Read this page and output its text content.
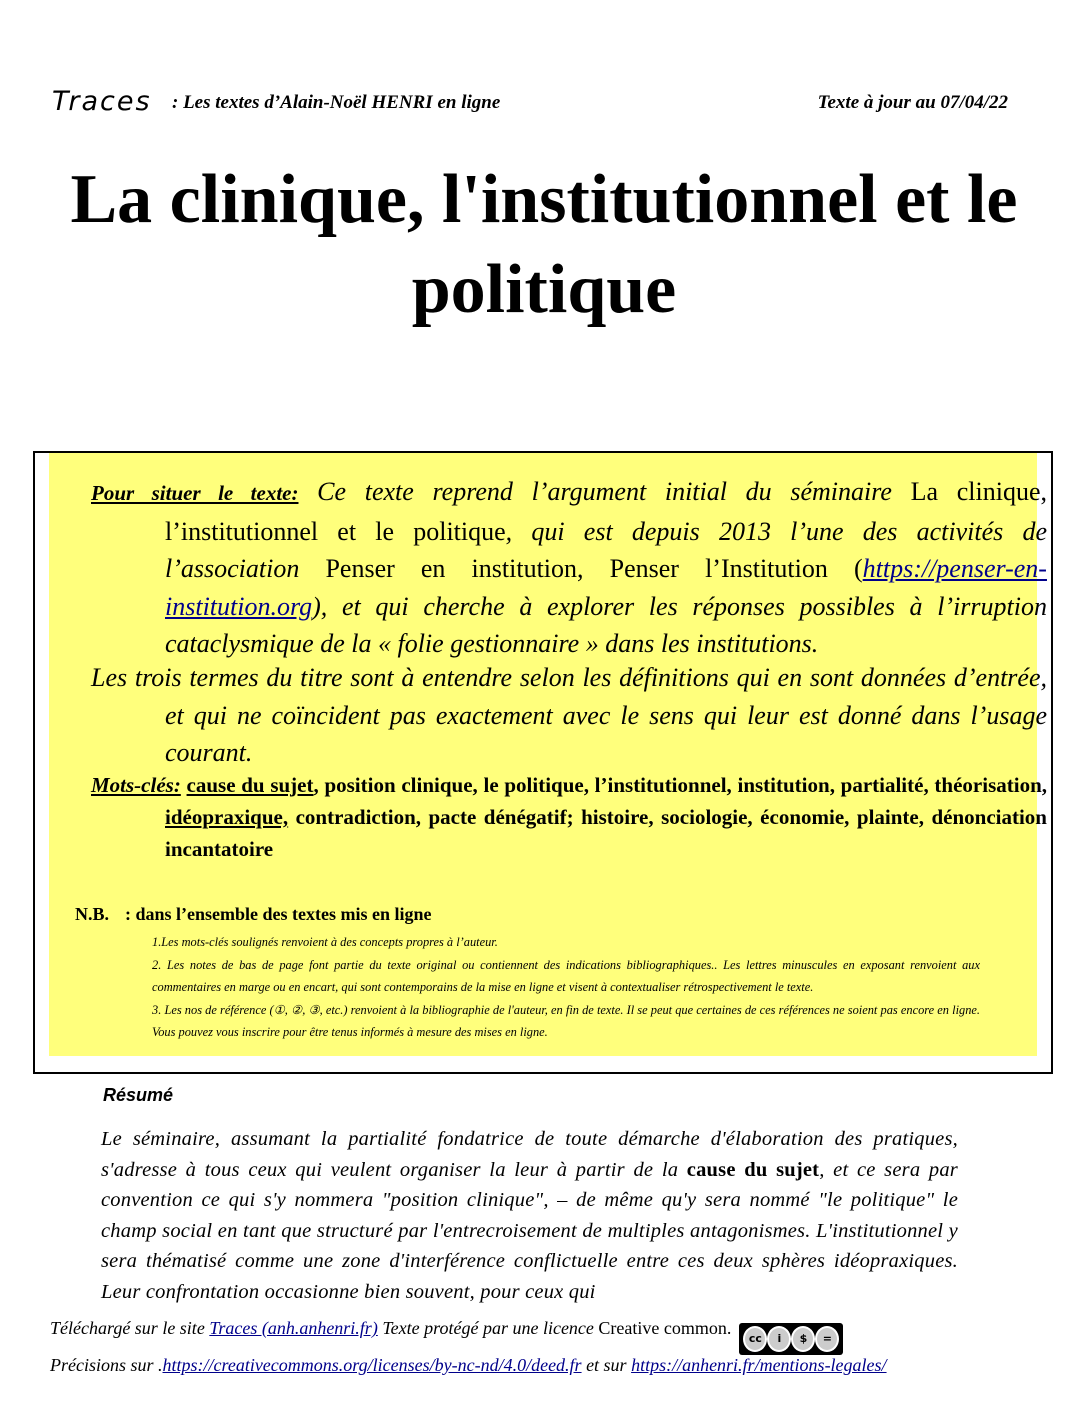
Traces : Les textes d’Alain-Noël HENRI en ligne	Texte à jour au 07/04/22
La clinique, l'institutionnel et le politique
Pour situer le texte: Ce texte reprend l’argument initial du séminaire La clinique, l’institutionnel et le politique, qui est depuis 2013 l’une des activités de l’association Penser en institution, Penser l’Institution (https://penser-en-institution.org), et qui cherche à explorer les réponses possibles à l’irruption cataclysmique de la « folie gestionnaire » dans les institutions.
Les trois termes du titre sont à entendre selon les définitions qui en sont données d’entrée, et qui ne coïncident pas exactement avec le sens qui leur est donné dans l’usage courant.
Mots-clés: cause du sujet, position clinique, le politique, l’institutionnel, institution, partialité, théorisation, idéopraxique, contradiction, pacte dénégatif; histoire, sociologie, économie, plainte, dénonciation incantatoire
N.B. : dans l’ensemble des textes mis en ligne

1.Les mots-clés soulignés renvoient à des concepts propres à l’auteur.

2. Les notes de bas de page font partie du texte original ou contiennent des indications bibliographiques.. Les lettres minuscules en exposant renvoient aux commentaires en marge ou en encart, qui sont contemporains de la mise en ligne et visent à contextualiser rétrospectivement le texte.

3. Les nos de référence (①, ②, ③, etc.) renvoient à la bibliographie de l'auteur, en fin de texte. Il se peut que certaines de ces références ne soient pas encore en ligne. Vous pouvez vous inscrire pour être tenus informés à mesure des mises en ligne.

Résumé
Le séminaire, assumant la partialité fondatrice de toute démarche d'élaboration des pratiques, s'adresse à tous ceux qui veulent organiser la leur à partir de la cause du sujet, et ce sera par convention ce qui s'y nommera "position clinique", – de même qu'y sera nommé "le politique" le champ social en tant que structuré par l'entrecroisement de multiples antagonismes. L'institutionnel y sera thématisé comme une zone d'interférence conflictuelle entre ces deux sphères idéopraxiques. Leur confrontation occasionne bien souvent, pour ceux qui
Téléchargé sur le site Traces (anh.anhenri.fr) Texte protégé par une licence Creative common.
cc	i	$	=
Précisions sur .https://creativecommons.org/licenses/by-nc-nd/4.0/deed.fr et sur https://anhenri.fr/mentions-legales/
